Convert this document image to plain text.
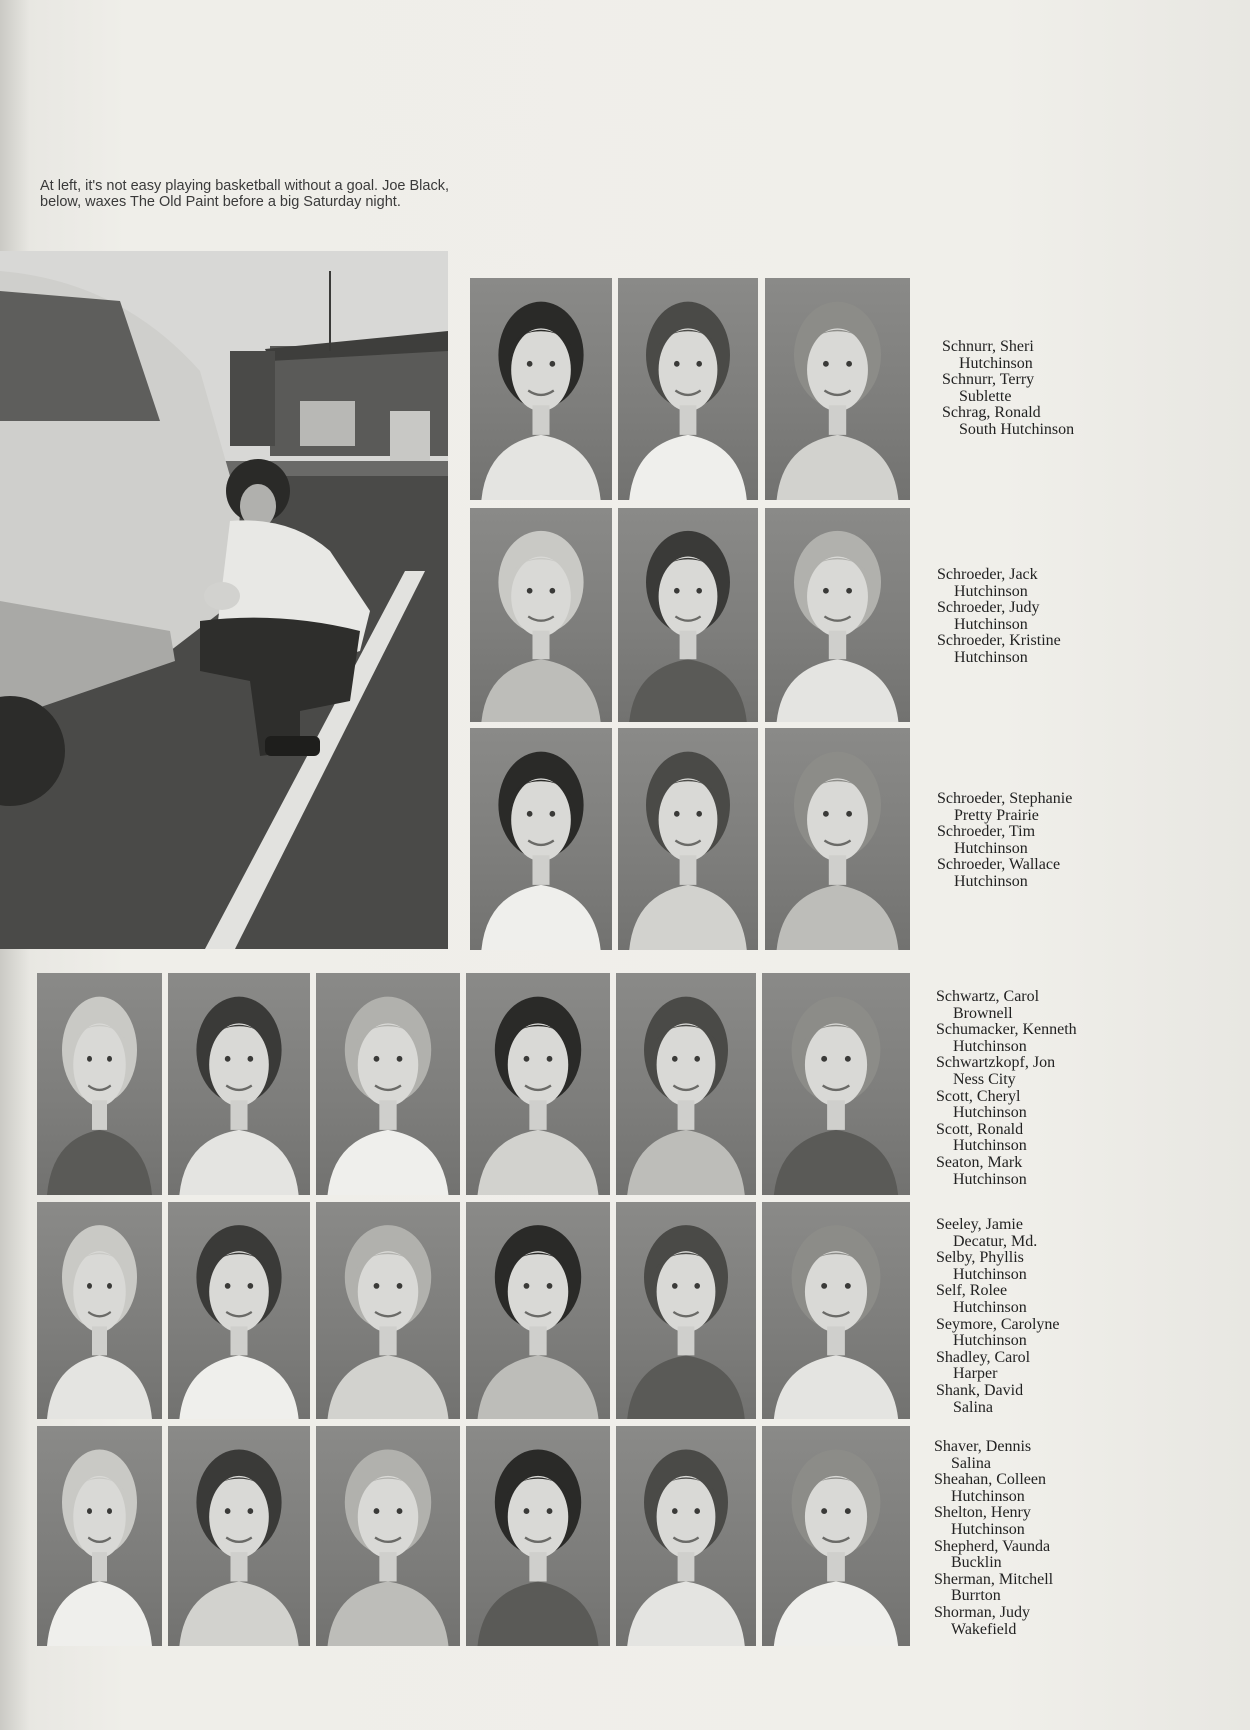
At left, it's not easy playing basketball without a goal. Joe Black, below, waxes The Old Paint before a big Saturday night.

Schnurr, Sheri
Hutchinson
Schnurr, Terry
Sublette
Schrag, Ronald
South Hutchinson
Schroeder, Jack
Hutchinson
Schroeder, Judy
Hutchinson
Schroeder, Kristine
Hutchinson
Schroeder, Stephanie
Pretty Prairie
Schroeder, Tim
Hutchinson
Schroeder, Wallace
Hutchinson
Schwartz, Carol
Brownell
Schumacker, Kenneth
Hutchinson
Schwartzkopf, Jon
Ness City
Scott, Cheryl
Hutchinson
Scott, Ronald
Hutchinson
Seaton, Mark
Hutchinson
Seeley, Jamie
Decatur, Md.
Selby, Phyllis
Hutchinson
Self, Rolee
Hutchinson
Seymore, Carolyne
Hutchinson
Shadley, Carol
Harper
Shank, David
Salina
Shaver, Dennis
Salina
Sheahan, Colleen
Hutchinson
Shelton, Henry
Hutchinson
Shepherd, Vaunda
Bucklin
Sherman, Mitchell
Burrton
Shorman, Judy
Wakefield
